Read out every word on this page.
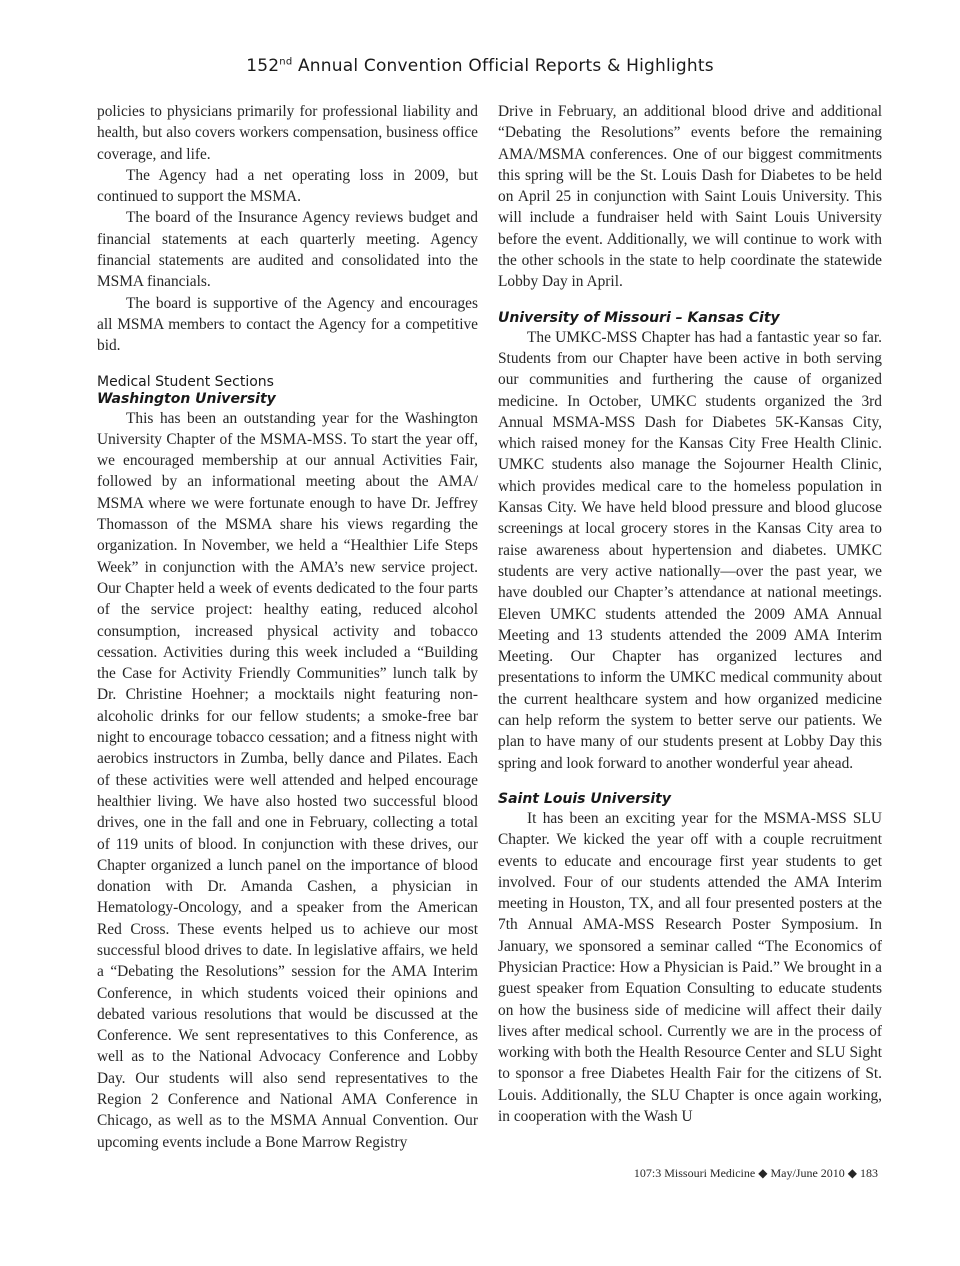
152nd Annual Convention Official Reports & Highlights

policies to physicians primarily for professional liability and health, but also covers workers compensation, business office coverage, and life.

The Agency had a net operating loss in 2009, but continued to support the MSMA.

The board of the Insurance Agency reviews budget and financial statements at each quarterly meeting. Agency financial statements are audited and consolidated into the MSMA financials.

The board is supportive of the Agency and encourages all MSMA members to contact the Agency for a competitive bid.

Medical Student Sections

Washington University

This has been an outstanding year for the Washington University Chapter of the MSMA-MSS. To start the year off, we encouraged membership at our annual Activities Fair, followed by an informational meeting about the AMA/ MSMA where we were fortunate enough to have Dr. Jeffrey Thomasson of the MSMA share his views regarding the organization. In November, we held a “Healthier Life Steps Week” in conjunction with the AMA’s new service project. Our Chapter held a week of events dedicated to the four parts of the service project: healthy eating, reduced alcohol consumption, increased physical activity and tobacco cessation. Activities during this week included a “Building the Case for Activity Friendly Communities” lunch talk by Dr. Christine Hoehner; a mocktails night featuring non-alcoholic drinks for our fellow students; a smoke-free bar night to encourage tobacco cessation; and a fitness night with aerobics instructors in Zumba, belly dance and Pilates. Each of these activities were well attended and helped encourage healthier living. We have also hosted two successful blood drives, one in the fall and one in February, collecting a total of 119 units of blood. In conjunction with these drives, our Chapter organized a lunch panel on the importance of blood donation with Dr. Amanda Cashen, a physician in Hematology-Oncology, and a speaker from the American Red Cross. These events helped us to achieve our most successful blood drives to date. In legislative affairs, we held a “Debating the Resolutions” session for the AMA Interim Conference, in which students voiced their opinions and debated various resolutions that would be discussed at the Conference. We sent representatives to this Conference, as well as to the National Advocacy Conference and Lobby Day. Our students will also send representatives to the Region 2 Conference and National AMA Conference in Chicago, as well as to the MSMA Annual Convention. Our upcoming events include a Bone Marrow Registry

Drive in February, an additional blood drive and additional “Debating the Resolutions” events before the remaining AMA/MSMA conferences. One of our biggest commitments this spring will be the St. Louis Dash for Diabetes to be held on April 25 in conjunction with Saint Louis University. This will include a fundraiser held with Saint Louis University before the event. Additionally, we will continue to work with the other schools in the state to help coordinate the statewide Lobby Day in April.

University of Missouri – Kansas City

The UMKC-MSS Chapter has had a fantastic year so far. Students from our Chapter have been active in both serving our communities and furthering the cause of organized medicine. In October, UMKC students organized the 3rd Annual MSMA-MSS Dash for Diabetes 5K-Kansas City, which raised money for the Kansas City Free Health Clinic. UMKC students also manage the Sojourner Health Clinic, which provides medical care to the homeless population in Kansas City. We have held blood pressure and blood glucose screenings at local grocery stores in the Kansas City area to raise awareness about hypertension and diabetes. UMKC students are very active nationally—over the past year, we have doubled our Chapter’s attendance at national meetings. Eleven UMKC students attended the 2009 AMA Annual Meeting and 13 students attended the 2009 AMA Interim Meeting. Our Chapter has organized lectures and presentations to inform the UMKC medical community about the current healthcare system and how organized medicine can help reform the system to better serve our patients. We plan to have many of our students present at Lobby Day this spring and look forward to another wonderful year ahead.

Saint Louis University

It has been an exciting year for the MSMA-MSS SLU Chapter. We kicked the year off with a couple recruitment events to educate and encourage first year students to get involved. Four of our students attended the AMA Interim meeting in Houston, TX, and all four presented posters at the 7th Annual AMA-MSS Research Poster Symposium. In January, we sponsored a seminar called “The Economics of Physician Practice: How a Physician is Paid.” We brought in a guest speaker from Equation Consulting to educate students on how the business side of medicine will affect their daily lives after medical school. Currently we are in the process of working with both the Health Resource Center and SLU Sight to sponsor a free Diabetes Health Fair for the citizens of St. Louis. Additionally, the SLU Chapter is once again working, in cooperation with the Wash U

107:3 Missouri Medicine ◆ May/June 2010 ◆ 183
